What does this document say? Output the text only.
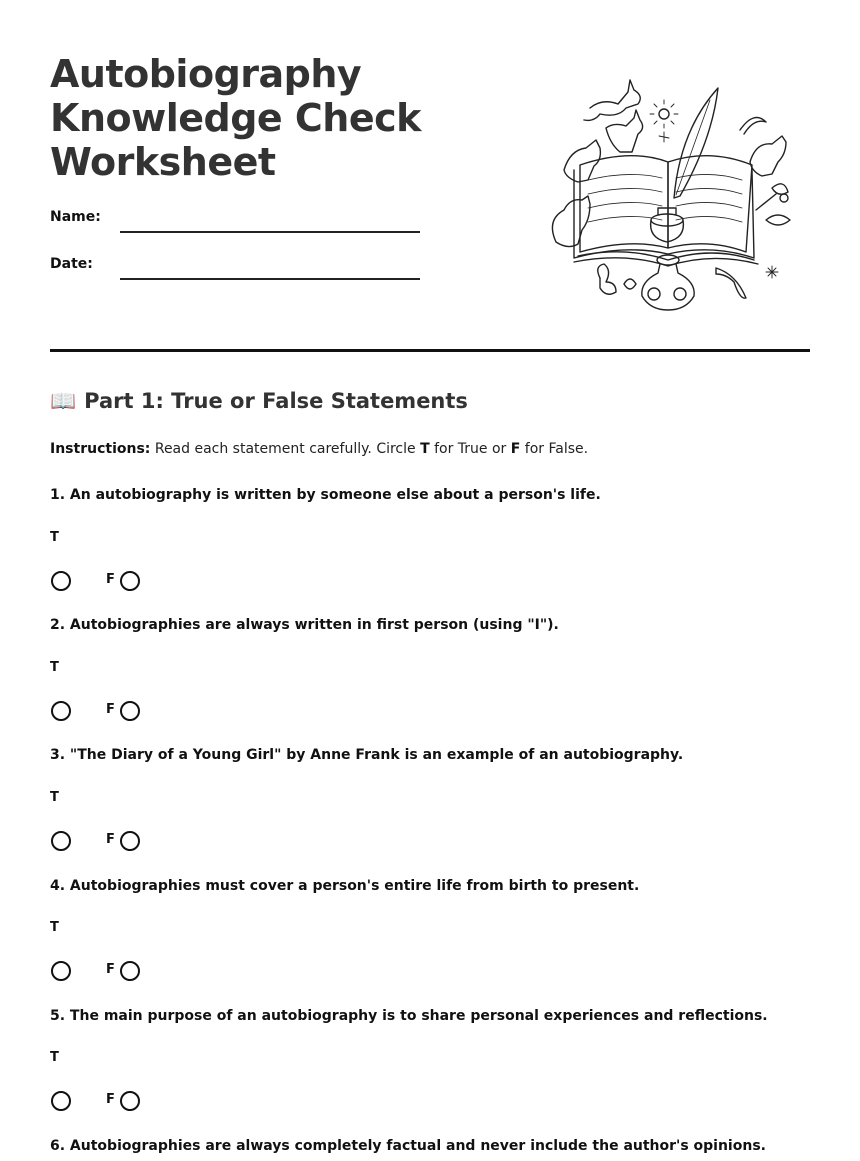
Autobiography Knowledge Check Worksheet
Name:
Date:
📖 Part 1: True or False Statements
Instructions: Read each statement carefully. Circle T for True or F for False.
1. An autobiography is written by someone else about a person's life.
T
F
2. Autobiographies are always written in first person (using "I").
T
F
3. "The Diary of a Young Girl" by Anne Frank is an example of an autobiography.
T
F
4. Autobiographies must cover a person's entire life from birth to present.
T
F
5. The main purpose of an autobiography is to share personal experiences and reflections.
T
F
6. Autobiographies are always completely factual and never include the author's opinions.
